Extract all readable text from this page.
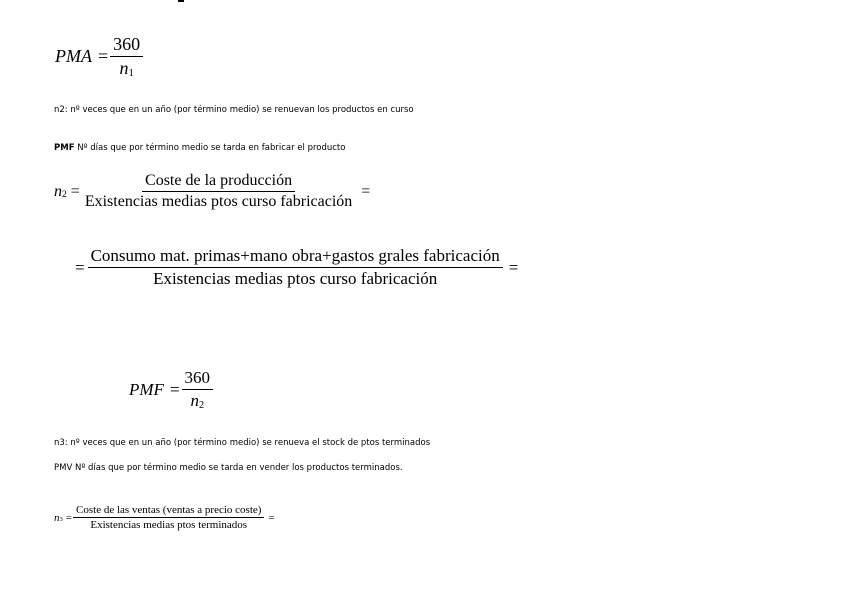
PMA = $\frac{360}{n1}$
n2: nº veces que en un año (por término medio) se renuevan los productos en curso
PMF Nº días que por término medio se tarda en fabricar el producto
$n2 = \frac{\text{Coste de la producción}}{\text{Existencias medias ptos curso fabricación}}$ =
= $\frac{\text{Consumo mat. primas+mano obra+gastos grales fabricación}}{\text{Existencias medias ptos curso fabricación}}$ =
PMF = $\frac{360}{n2}$
n3: nº veces que en un año (por término medio) se renueva el stock de ptos terminados
PMV Nº días que por término medio se tarda en vender los productos terminados.
$n3 = \frac{\text{Coste de las ventas (ventas a precio coste)}}{\text{Existencias medias ptos terminados}}$ =
